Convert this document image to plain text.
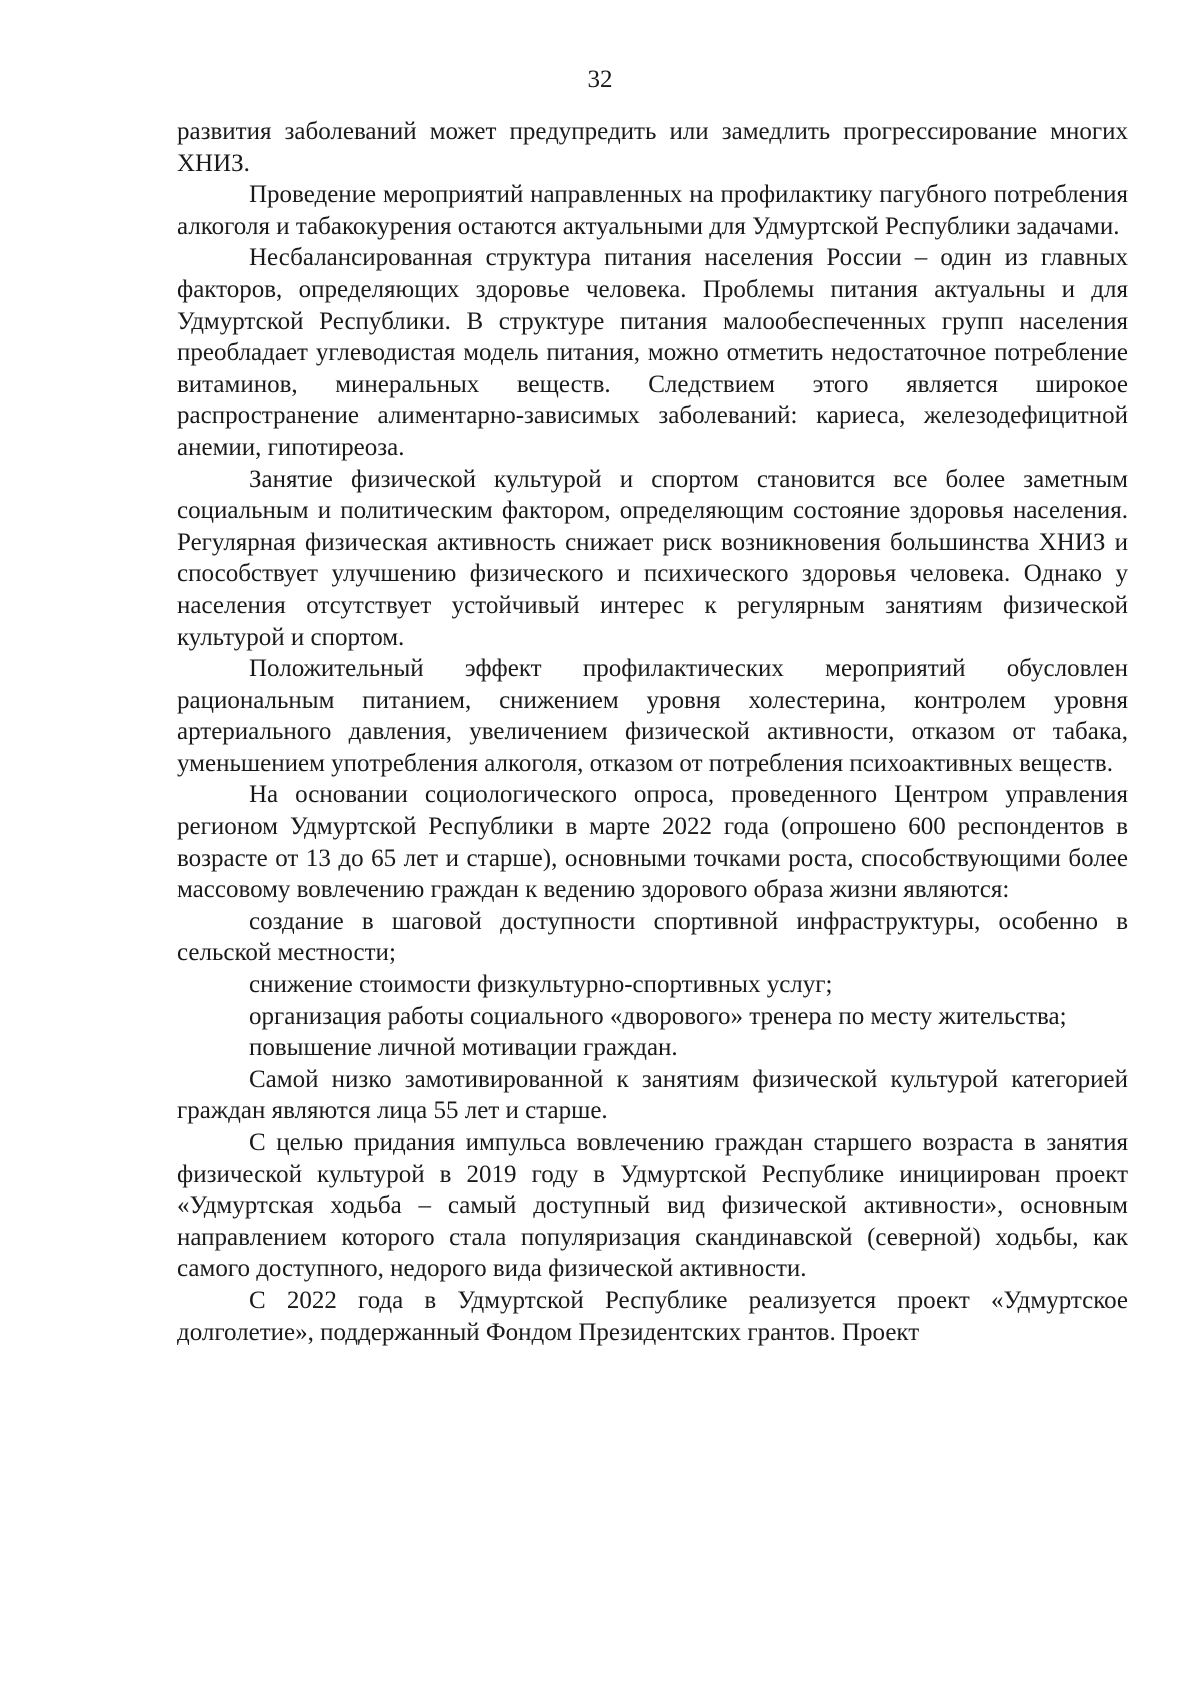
32

развития заболеваний может предупредить или замедлить прогрессирование многих ХНИЗ.

Проведение мероприятий направленных на профилактику пагубного потребления алкоголя и табакокурения остаются актуальными для Удмуртской Республики задачами.

Несбалансированная структура питания населения России – один из главных факторов, определяющих здоровье человека. Проблемы питания актуальны и для Удмуртской Республики. В структуре питания малообеспеченных групп населения преобладает углеводистая модель питания, можно отметить недостаточное потребление витаминов, минеральных веществ. Следствием этого является широкое распространение алиментарно-зависимых заболеваний: кариеса, железодефицитной анемии, гипотиреоза.

Занятие физической культурой и спортом становится все более заметным социальным и политическим фактором, определяющим состояние здоровья населения. Регулярная физическая активность снижает риск возникновения большинства ХНИЗ и способствует улучшению физического и психического здоровья человека. Однако у населения отсутствует устойчивый интерес к регулярным занятиям физической культурой и спортом.

Положительный эффект профилактических мероприятий обусловлен рациональным питанием, снижением уровня холестерина, контролем уровня артериального давления, увеличением физической активности, отказом от табака, уменьшением употребления алкоголя, отказом от потребления психоактивных веществ.

На основании социологического опроса, проведенного Центром управления регионом Удмуртской Республики в марте 2022 года (опрошено 600 респондентов в возрасте от 13 до 65 лет и старше), основными точками роста, способствующими более массовому вовлечению граждан к ведению здорового образа жизни являются:

создание в шаговой доступности спортивной инфраструктуры, особенно в сельской местности;

снижение стоимости физкультурно-спортивных услуг;

организация работы социального «дворового» тренера по месту жительства;

повышение личной мотивации граждан.

Самой низко замотивированной к занятиям физической культурой категорией граждан являются лица 55 лет и старше.

С целью придания импульса вовлечению граждан старшего возраста в занятия физической культурой в 2019 году в Удмуртской Республике инициирован проект «Удмуртская ходьба – самый доступный вид физической активности», основным направлением которого стала популяризация скандинавской (северной) ходьбы, как самого доступного, недорого вида физической активности.

С 2022 года в Удмуртской Республике реализуется проект «Удмуртское долголетие», поддержанный Фондом Президентских грантов. Проект
